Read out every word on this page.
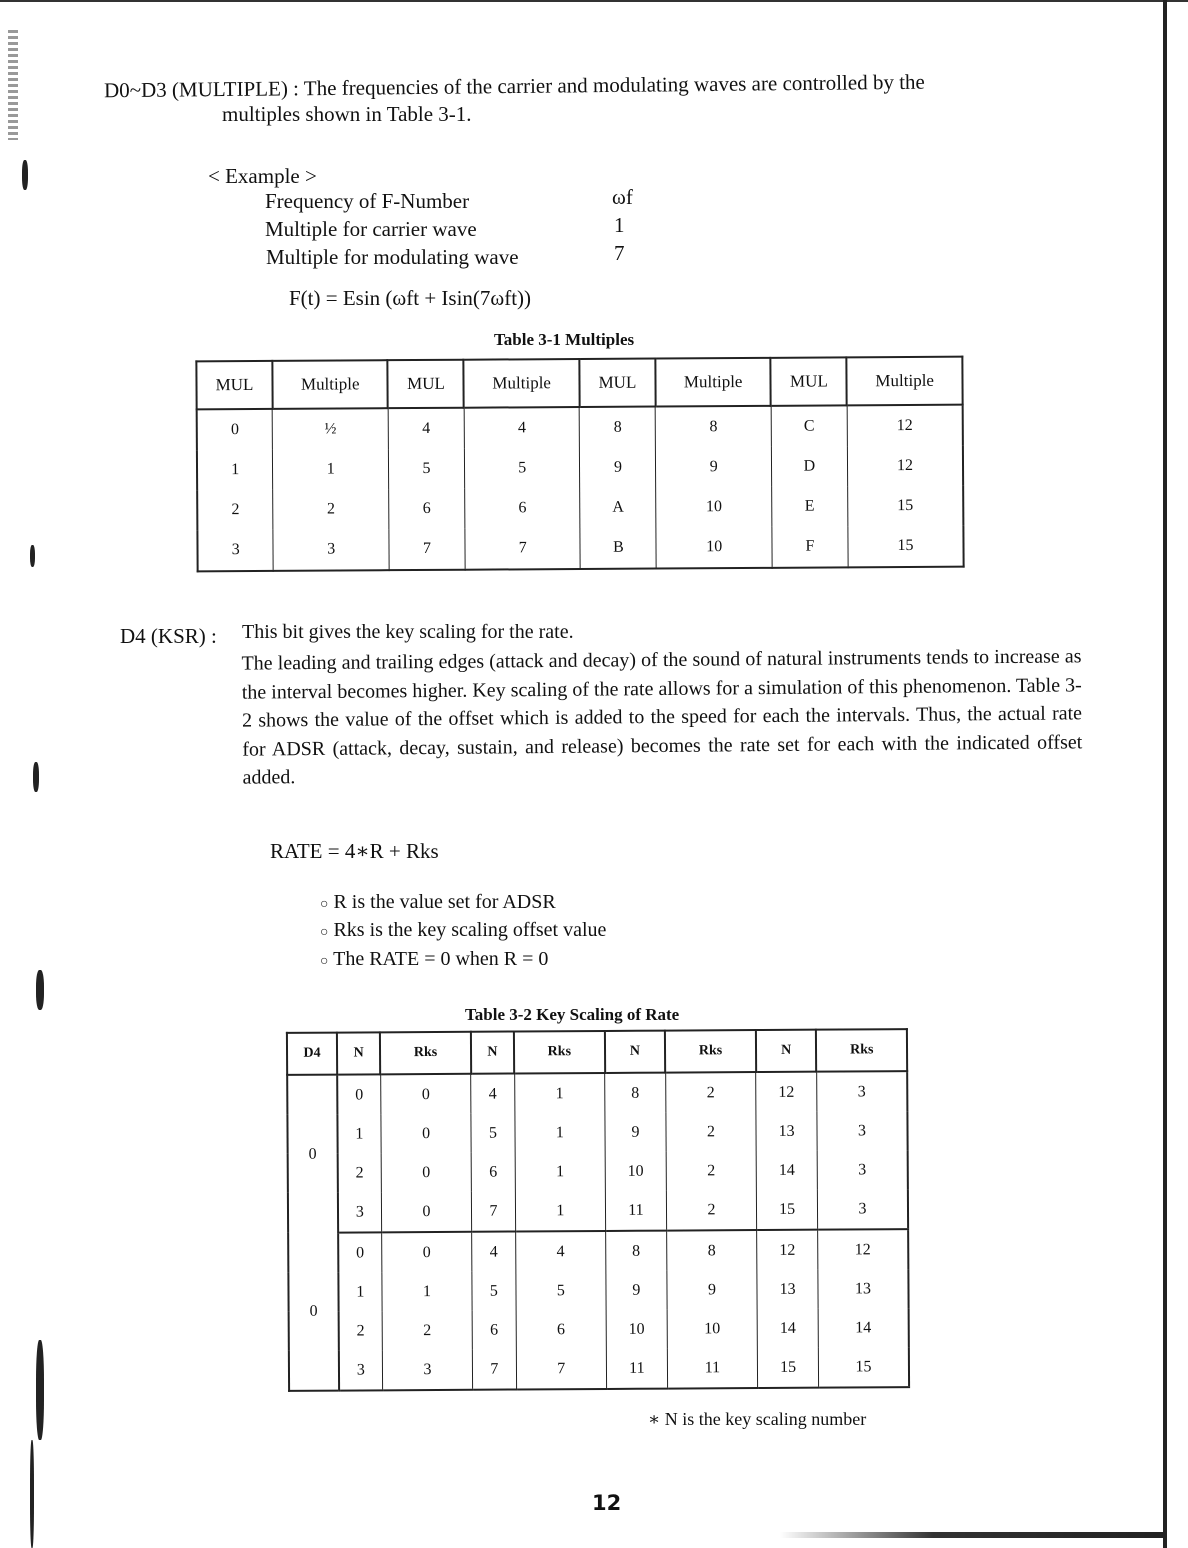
D0~D3 (MULTIPLE) : The frequencies of the carrier and modulating waves are controlled by the
multiples shown in Table 3-1.
< Example >
Frequency of F-Number	ωf
Multiple for carrier wave	1
Multiple for modulating wave	7
F(t) = Esin (ωft + Isin(7ωft))
Table 3-1 Multiples
MUL	Multiple	MUL	Multiple	MUL	Multiple	MUL	Multiple
0	½	4	4	8	8	C	12
1	1	5	5	9	9	D	12
2	2	6	6	A	10	E	15
3	3	7	7	B	10	F	15
D4 (KSR) : This bit gives the key scaling for the rate.
The leading and trailing edges (attack and decay) of the sound of natural instruments tends to increase as the interval becomes higher. Key scaling of the rate allows for a simulation of this phenomenon. Table 3-2 shows the value of the offset which is added to the speed for each the intervals. Thus, the actual rate for ADSR (attack, decay, sustain, and release) becomes the rate set for each with the indicated offset added.
RATE = 4∗R + Rks
○ R is the value set for ADSR
○ Rks is the key scaling offset value
○ The RATE = 0 when R = 0
Table 3-2 Key Scaling of Rate
D4	N	Rks	N	Rks	N	Rks	N	Rks
0	0	0	4	1	8	2	12	3
	1	0	5	1	9	2	13	3
	2	0	6	1	10	2	14	3
	3	0	7	1	11	2	15	3
0	0	0	4	4	8	8	12	12
	1	1	5	5	9	9	13	13
	2	2	6	6	10	10	14	14
	3	3	7	7	11	11	15	15
∗ N is the key scaling number
12
